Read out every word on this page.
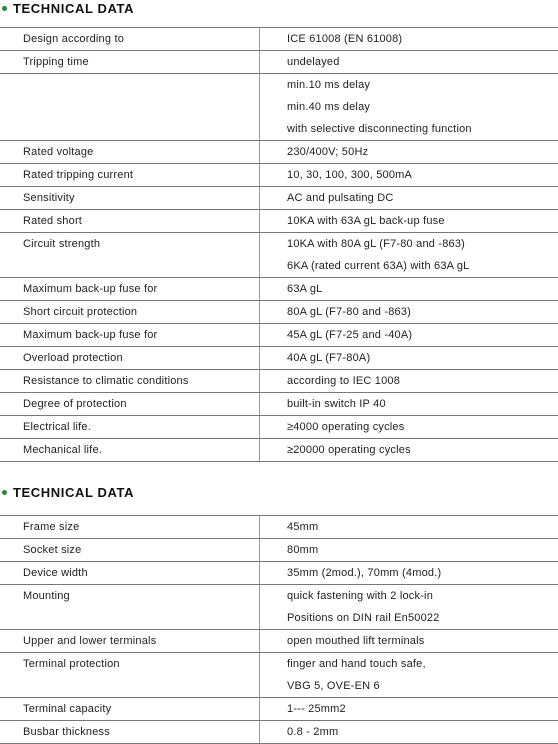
TECHNICAL DATA
Design according to	ICE 61008 (EN 61008)
Tripping time	undelayed
min.10 ms delay
min.40 ms delay
with selective disconnecting function
Rated voltage	230/400V; 50Hz
Rated tripping current	10, 30, 100, 300, 500mA
Sensitivity	AC and pulsating DC
Rated short	10KA with 63A gL back-up fuse
Circuit strength	10KA with 80A gL (F7-80 and -863)
6KA (rated current 63A) with 63A gL
Maximum back-up fuse for	63A gL
Short circuit protection	80A gL (F7-80 and -863)
Maximum back-up fuse for	45A gL (F7-25 and -40A)
Overload protection	40A gL (F7-80A)
Resistance to climatic conditions	according to IEC 1008
Degree of protection	built-in switch IP 40
Electrical life.	≥4000 operating cycles
Mechanical life.	≥20000 operating cycles
TECHNICAL DATA
Frame size	45mm
Socket size	80mm
Device width	35mm (2mod.), 70mm (4mod.)
Mounting	quick fastening with 2 lock-in
Positions on DIN rail En50022
Upper and lower terminals	open mouthed lift terminals
Terminal protection	finger and hand touch safe,
VBG 5, OVE-EN 6
Terminal capacity	1--- 25mm2
Busbar thickness	0.8 - 2mm
